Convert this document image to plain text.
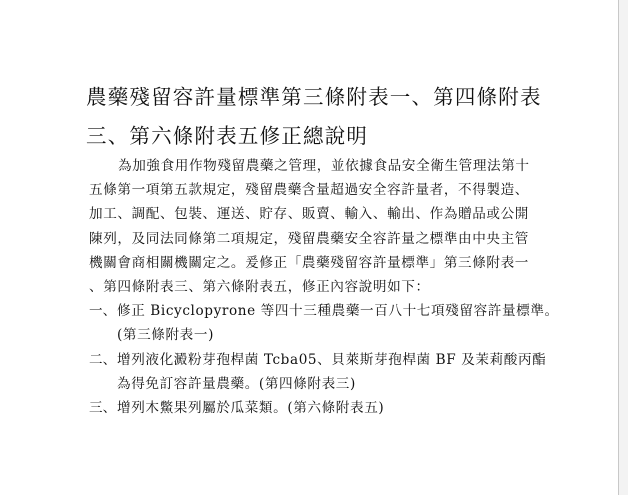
農藥殘留容許量標準第三條附表一、第四條附表
三、第六條附表五修正總說明
為加強食用作物殘留農藥之管理，並依據食品安全衛生管理法第十
五條第一項第五款規定，殘留農藥含量超過安全容許量者，不得製造、
加工、調配、包裝、運送、貯存、販賣、輸入、輸出、作為贈品或公開
陳列，及同法同條第二項規定，殘留農藥安全容許量之標準由中央主管
機關會商相關機關定之。爰修正「農藥殘留容許量標準」第三條附表一
、第四條附表三、第六條附表五，修正內容說明如下：
一、 修正 Bicyclopyrone 等四十三種農藥一百八十七項殘留容許量標準。
(第三條附表一)
二、 增列液化澱粉芽孢桿菌 Tcba05、貝萊斯芽孢桿菌 BF 及茉莉酸丙酯
為得免訂容許量農藥。(第四條附表三)
三、 增列木鱉果列屬於瓜菜類。(第六條附表五)
